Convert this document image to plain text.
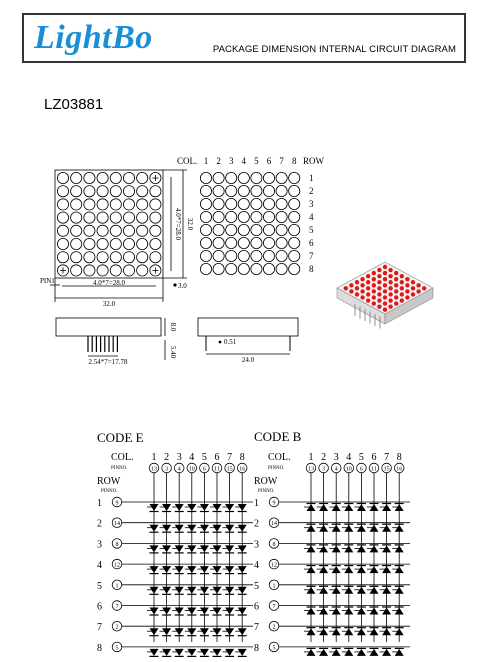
LightBo	PACKAGE DIMENSION INTERNAL CIRCUIT DIAGRAM
LZ03881
4.0*7=28.0 32.0
4.0*7=28.0
32.0
PIN1
3.0
COL. 1 2 3 4 5 6 7 8 ROW
1
2
3
4
5
6
7
8
8.0
5.40
2.54*7=17.78
0.51
24.0
CODE E
COL. 1
13
2
3
3
4
4
10
5
6
6
11
7
15
8
16
PINNO.
ROW
PINNO.
1 9
2 14
3 8
4 12
5 1
6 7
7 2
8 5
CODE B
COL. 1
13
2
3
3
4
4
10
5
6
6
11
7
15
8
16
PINNO.
ROW
PINNO.
1 9
2 14
3 8
4 12
5 1
6 7
7 2
8 5
